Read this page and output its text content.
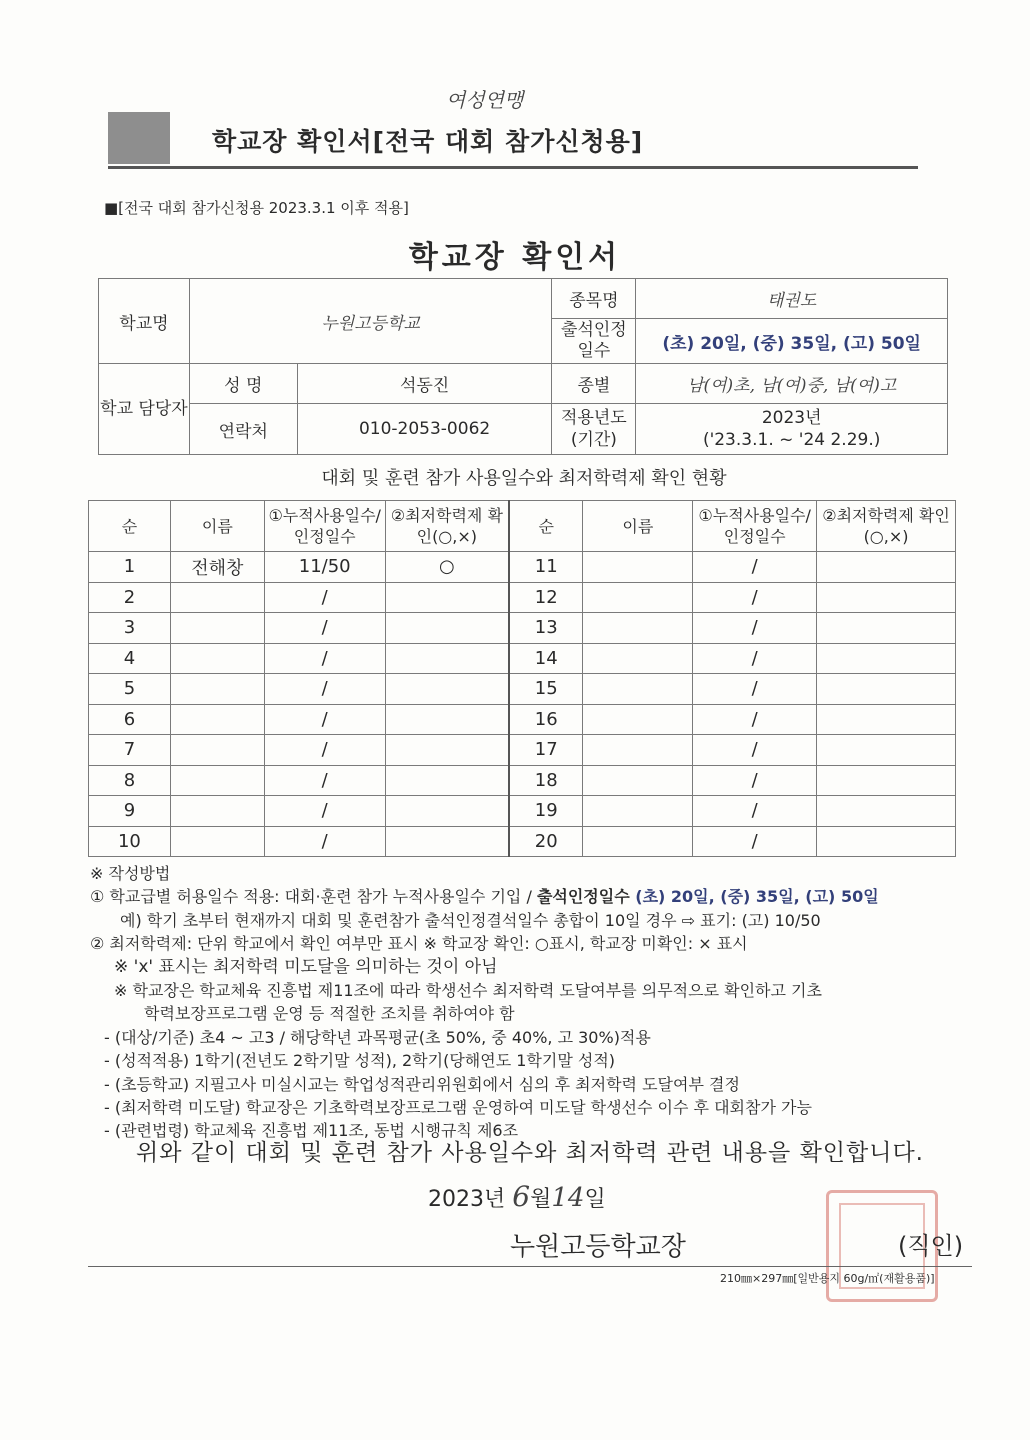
여성연맹
학교장 확인서[전국 대회 참가신청용]
■[전국 대회 참가신청용 2023.3.1 이후 적용]
학교장 확인서
학교명	누원고등학교		종목명	태권도
			출석인정 일수	(초) 20일, (중) 35일, (고) 50일
학교 담당자	성 명	석동진	종별	남(여)초, 남(여)중, 남(여)고
	연락처	010-2053-0062	적용년도 (기간)	2023년
('23.3.1. ~ '24 2.29.)
대회 및 훈련 참가 사용일수와 최저학력제 확인 현황
순	이름	①누적사용일수/ 인정일수	②최저학력제 확인(○,×)	순	이름	①누적사용일수/ 인정일수	②최저학력제 확인(○,×)
1	전해창	11/50	○	11		/	
2		/		12		/	
3		/		13		/	
4		/		14		/	
5		/		15		/	
6		/		16		/	
7		/		17		/	
8		/		18		/	
9		/		19		/	
10		/		20		/	
※ 작성방법
① 학교급별 허용일수 적용: 대회·훈련 참가 누적사용일수 기입 / 출석인정일수 (초) 20일, (중) 35일, (고) 50일
예) 학기 초부터 현재까지 대회 및 훈련참가 출석인정결석일수 총합이 10일 경우 ⇨ 표기: (고) 10/50
② 최저학력제: 단위 학교에서 확인 여부만 표시 ※ 학교장 확인: ○표시, 학교장 미확인: × 표시
※ 'x' 표시는 최저학력 미도달을 의미하는 것이 아님
※ 학교장은 학교체육 진흥법 제11조에 따라 학생선수 최저학력 도달여부를 의무적으로 확인하고 기초
학력보장프로그램 운영 등 적절한 조치를 취하여야 함
- (대상/기준) 초4 ~ 고3 / 해당학년 과목평균(초 50%, 중 40%, 고 30%)적용
- (성적적용) 1학기(전년도 2학기말 성적), 2학기(당해연도 1학기말 성적)
- (초등학교) 지필고사 미실시교는 학업성적관리위원회에서 심의 후 최저학력 도달여부 결정
- (최저학력 미도달) 학교장은 기초학력보장프로그램 운영하여 미도달 학생선수 이수 후 대회참가 가능
- (관련법령) 학교체육 진흥법 제11조, 동법 시행규칙 제6조
위와 같이 대회 및 훈련 참가 사용일수와 최저학력 관련 내용을 확인합니다.
2023년 6월14일
누원고등학교장	(직인)
210㎜×297㎜[일반용지 60g/㎡(재활용품)]
